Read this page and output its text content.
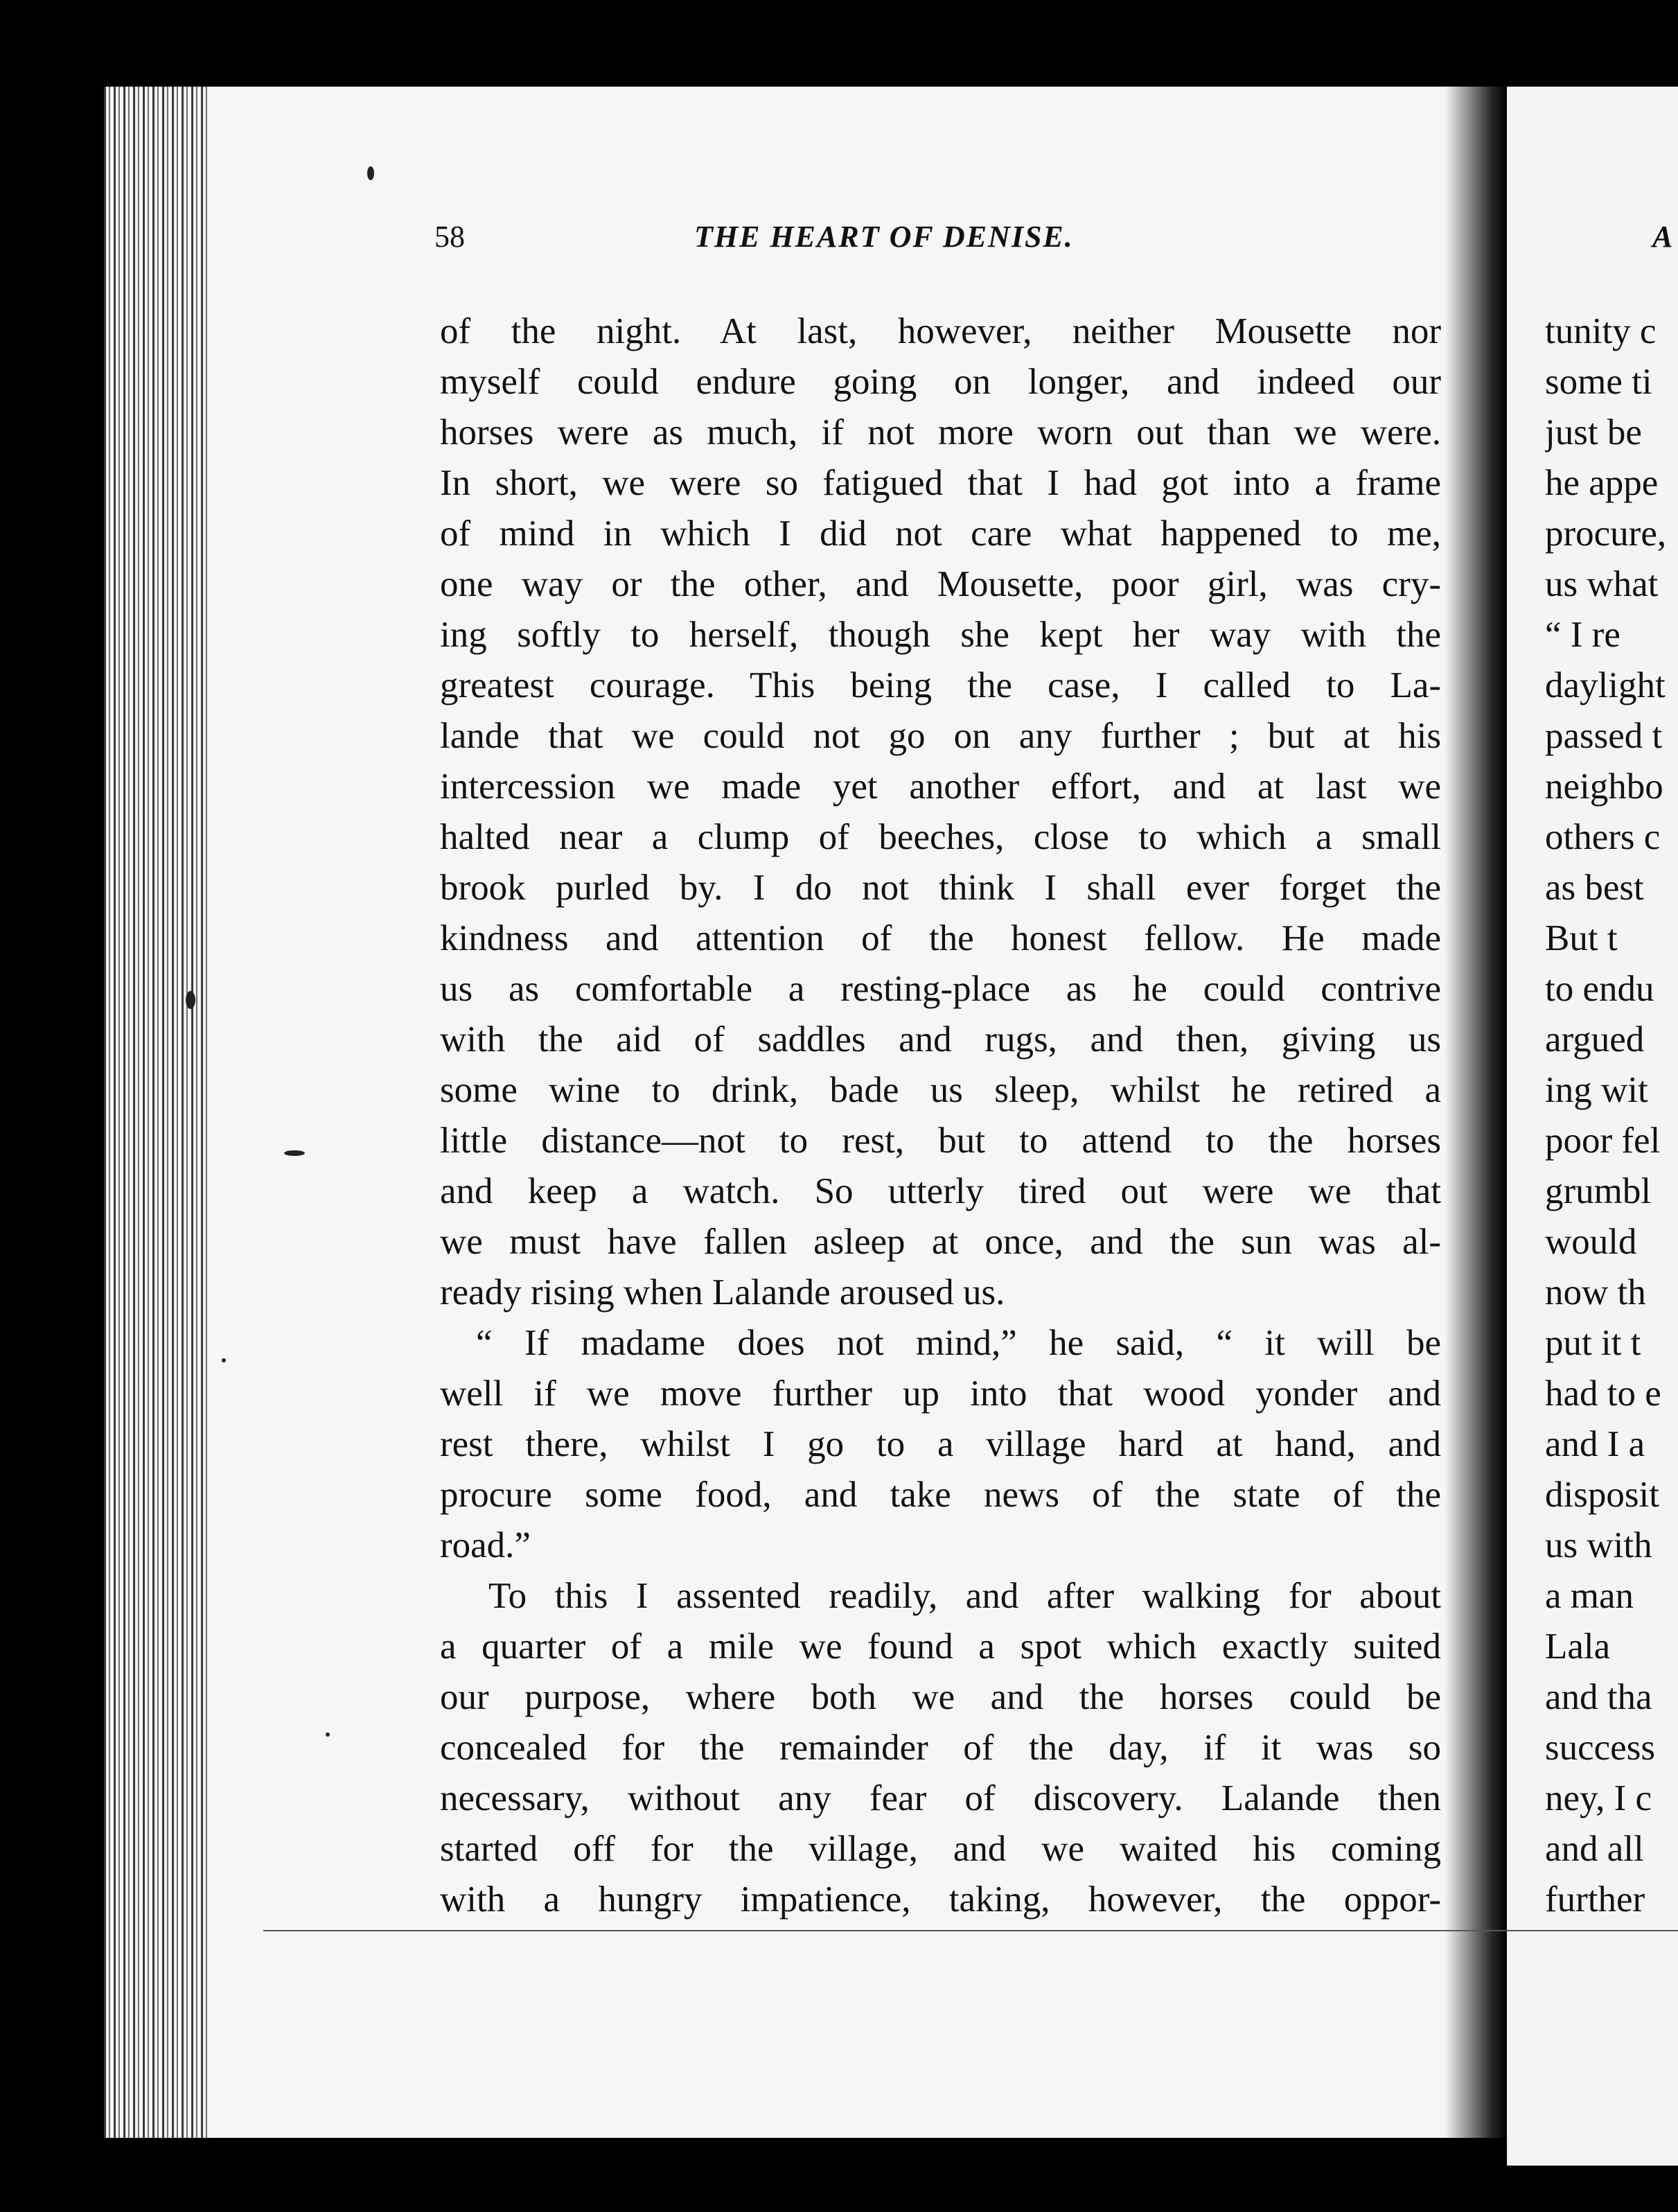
58	THE HEART OF DENISE.
of the night. At last, however, neither Mousette nor
myself could endure going on longer, and indeed our
horses were as much, if not more worn out than we were.
In short, we were so fatigued that I had got into a frame
of mind in which I did not care what happened to me,
one way or the other, and Mousette, poor girl, was cry-
ing softly to herself, though she kept her way with the
greatest courage. This being the case, I called to La-
lande that we could not go on any further ; but at his
intercession we made yet another effort, and at last we
halted near a clump of beeches, close to which a small
brook purled by. I do not think I shall ever forget the
kindness and attention of the honest fellow. He made
us as comfortable a resting-place as he could contrive
with the aid of saddles and rugs, and then, giving us
some wine to drink, bade us sleep, whilst he retired a
little distance—not to rest, but to attend to the horses
and keep a watch. So utterly tired out were we that
we must have fallen asleep at once, and the sun was al-
ready rising when Lalande aroused us.
“ If madame does not mind,” he said, “ it will be
well if we move further up into that wood yonder and
rest there, whilst I go to a village hard at hand, and
procure some food, and take news of the state of the
road.”
To this I assented readily, and after walking for about
a quarter of a mile we found a spot which exactly suited
our purpose, where both we and the horses could be
concealed for the remainder of the day, if it was so
necessary, without any fear of discovery. Lalande then
started off for the village, and we waited his coming
with a hungry impatience, taking, however, the oppor-
A
tunity c
some ti
just be
he appe
procure,
us what
“ I re
daylight
passed t
neighbo
others c
as best
But t
to endu
argued
ing wit
poor fel
grumbl
would
now th
put it t
had to e
and I a
disposit
us with
a man
Lala
and tha
success
ney, I c
and all
further
